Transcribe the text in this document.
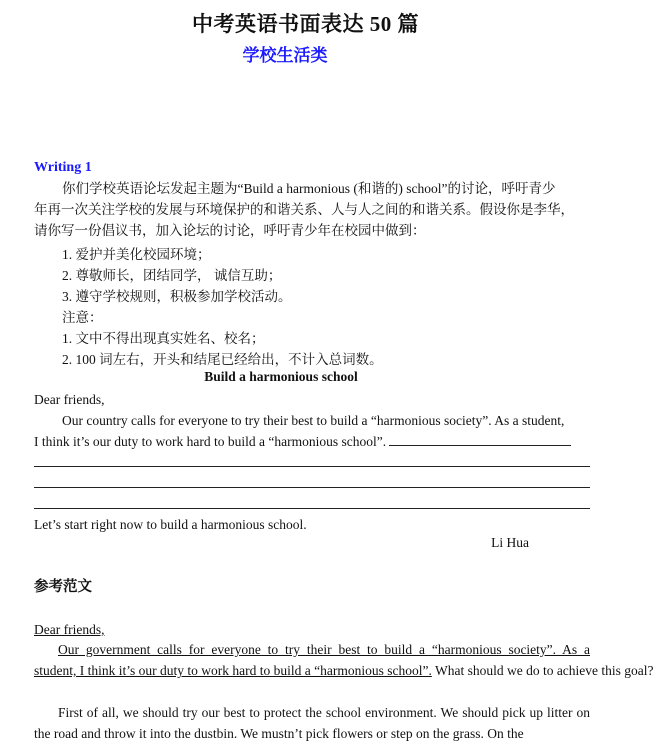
中考英语书面表达 50 篇
学校生活类
Writing 1
你们学校英语论坛发起主题为“Build a harmonious (和谐的) school”的讨论，呼吁青少
年再一次关注学校的发展与环境保护的和谐关系、人与人之间的和谐关系。假设你是李华，
请你写一份倡议书，加入论坛的讨论，呼吁青少年在校园中做到：
1. 爱护并美化校园环境；
2. 尊敬师长，团结同学， 诚信互助；
3. 遵守学校规则，积极参加学校活动。
注意：
1. 文中不得出现真实姓名、校名；
2. 100 词左右，开头和结尾已经给出，不计入总词数。
Build a harmonious school
Dear friends,
Our country calls for everyone to try their best to build a “harmonious society”. As a student,
I think it’s our duty to work hard to build a “harmonious school”.
Let’s start right now to build a harmonious school.
Li Hua
参考范文
Dear friends,
Our government calls for everyone to try their best to build a “harmonious society”. As a
student, I think it’s our duty to work hard to build a “harmonious school”. What should we do to achieve this goal?
First of all, we should try our best to protect the school environment. We should pick up litter on the road and throw it into the dustbin. We mustn’t pick flowers or step on the grass. On the
